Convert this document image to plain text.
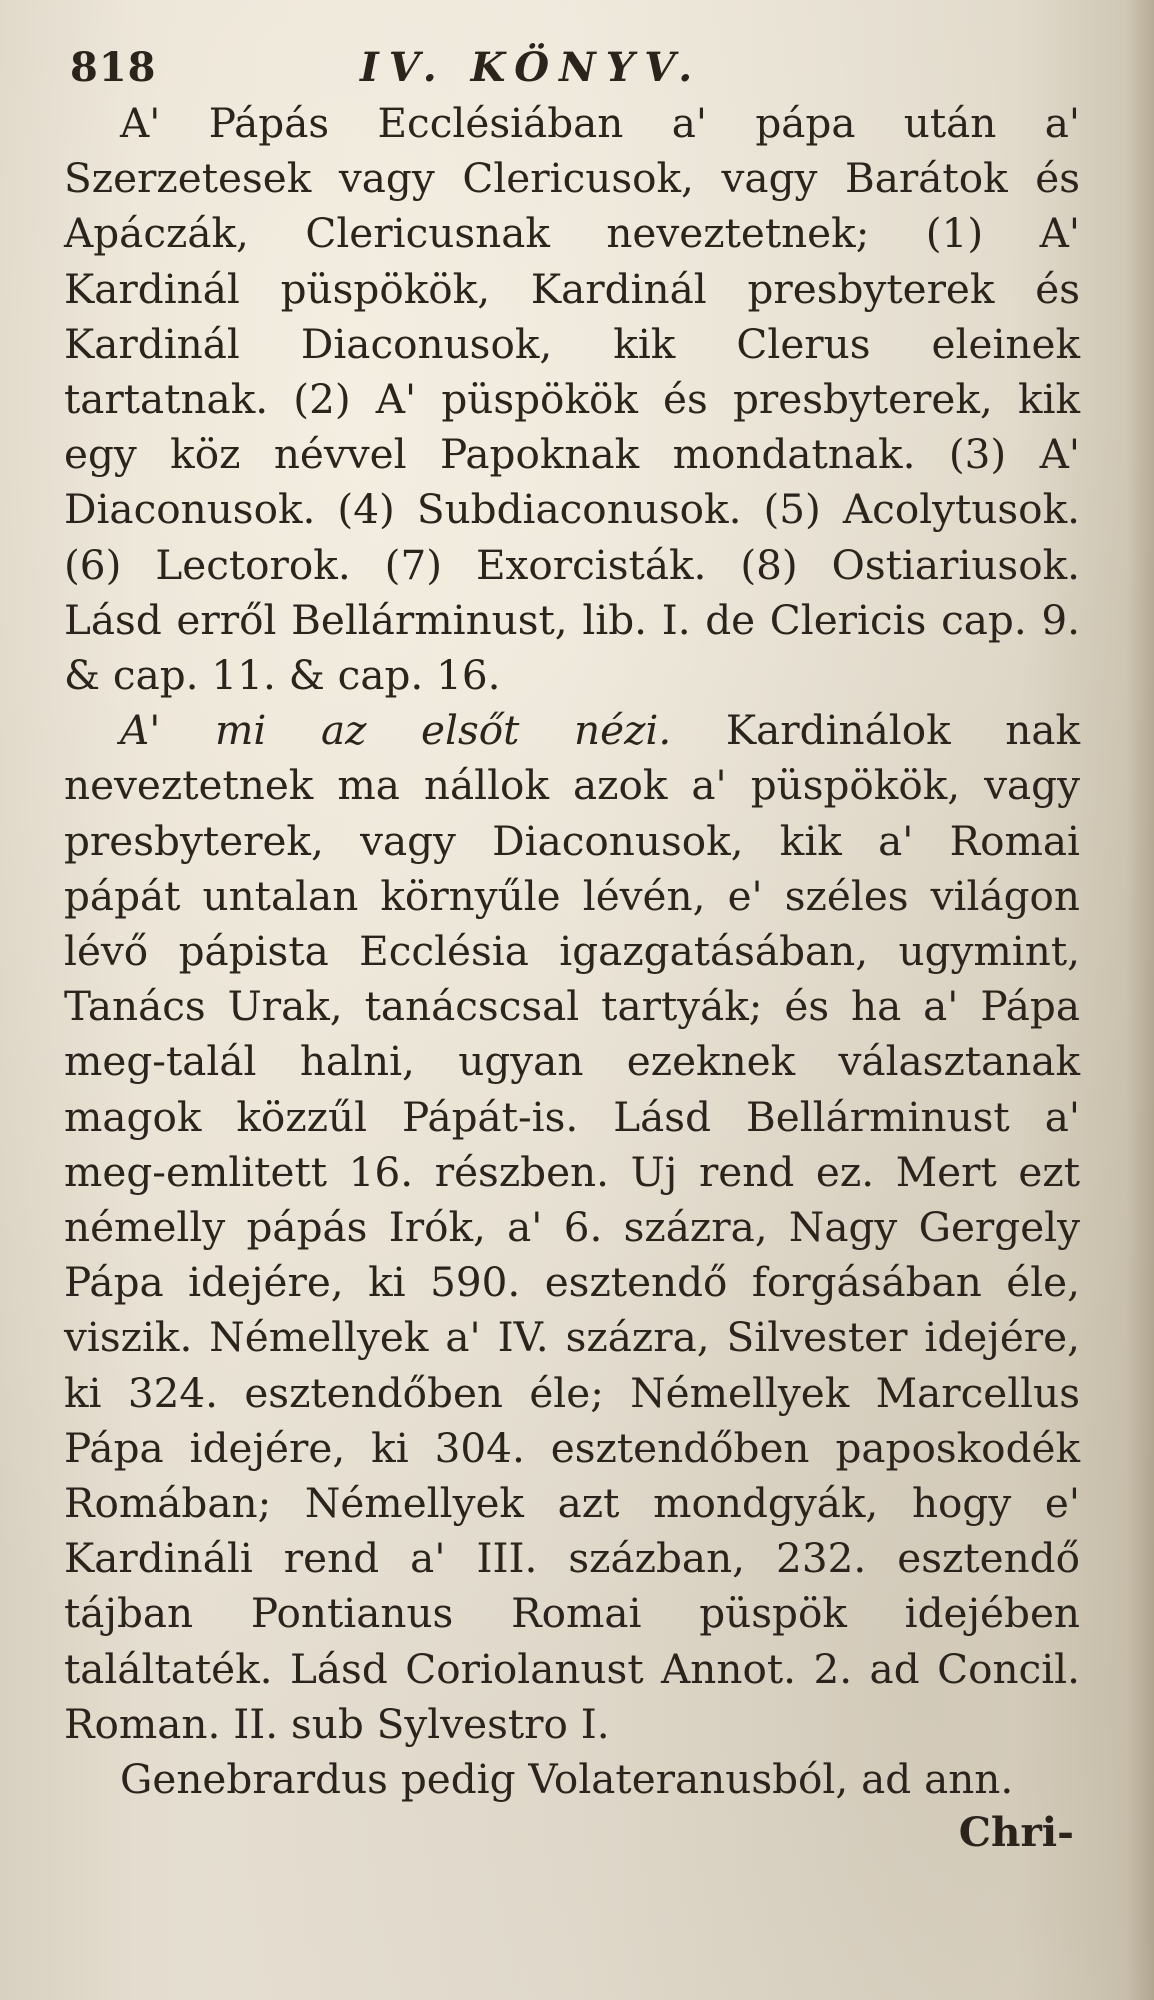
818	IV. KÖNYV.

A' Pápás Ecclésiában a' pápa után a' Szerzetesek vagy Clericusok, vagy Barátok és Apáczák, Clericusnak neveztetnek; (1) A' Kardinál püspökök, Kardinál presbyterek és Kardinál Diaconusok, kik Clerus eleinek tartatnak. (2) A' püspökök és presbyterek, kik egy köz névvel Papoknak mondatnak. (3) A' Diaconusok. (4) Subdiaconusok. (5) Acolytusok. (6) Lectorok. (7) Exorcisták. (8) Ostiariusok. Lásd erről Bellárminust, lib. I. de Clericis cap. 9. & cap. 11. & cap. 16.

A' mi az elsőt nézi. Kardinálok nak neveztetnek ma nállok azok a' püspökök, vagy presbyterek, vagy Diaconusok, kik a' Romai pápát untalan környűle lévén, e' széles világon lévő pápista Ecclésia igazgatásában, ugymint, Tanács Urak, tanácscsal tartyák; és ha a' Pápa meg-talál halni, ugyan ezeknek választanak magok közzűl Pápát-is. Lásd Bellárminust a' meg-emlitett 16. részben. Uj rend ez. Mert ezt némelly pápás Irók, a' 6. százra, Nagy Gergely Pápa idejére, ki 590. esztendő forgásában éle, viszik. Némellyek a' IV. százra, Silvester idejére, ki 324. esztendőben éle; Némellyek Marcellus Pápa idejére, ki 304. esztendőben paposkodék Romában; Némellyek azt mondgyák, hogy e' Kardináli rend a' III. százban, 232. esztendő tájban Pontianus Romai püspök idejében találtaték. Lásd Coriolanust Annot. 2. ad Concil. Roman. II. sub Sylvestro I.

Genebrardus pedig Volateranusból, ad ann.

Chri-
